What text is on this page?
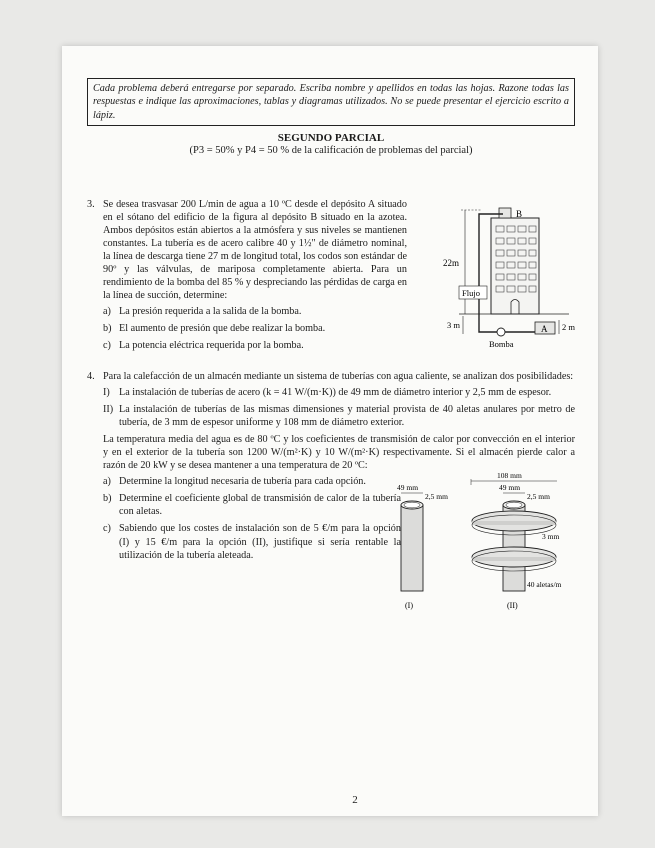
Cada problema deberá entregarse por separado. Escriba nombre y apellidos en todas las hojas. Razone todas las respuestas e indique las aproximaciones, tablas y diagramas utilizados. No se puede presentar el ejercicio escrito a lápiz.
SEGUNDO PARCIAL
(P3 = 50% y P4 = 50 % de la calificación de problemas del parcial)
3. Se desea trasvasar 200 L/min de agua a 10 ºC desde el depósito A situado en el sótano del edificio de la figura al depósito B situado en la azotea. Ambos depósitos están abiertos a la atmósfera y sus niveles se mantienen constantes. La tubería es de acero calibre 40 y 1½" de diámetro nominal, la línea de descarga tiene 27 m de longitud total, los codos son estándar de 90º y las válvulas, de mariposa completamente abierta. Para un rendimiento de la bomba del 85 % y despreciando las pérdidas de carga en la línea de succión, determine:
a) La presión requerida a la salida de la bomba.
b) El aumento de presión que debe realizar la bomba.
c) La potencia eléctrica requerida por la bomba.
B
A
22m
Flujo
3 m	2 m
Bomba
4. Para la calefacción de un almacén mediante un sistema de tuberías con agua caliente, se analizan dos posibilidades:
I) La instalación de tuberías de acero (k = 41 W/(m·K)) de 49 mm de diámetro interior y 2,5 mm de espesor.
II) La instalación de tuberías de las mismas dimensiones y material provista de 40 aletas anulares por metro de tubería, de 3 mm de espesor uniforme y 108 mm de diámetro exterior.
La temperatura media del agua es de 80 ºC y los coeficientes de transmisión de calor por convección en el interior y en el exterior de la tubería son 1200 W/(m²·K) y 10 W/(m²·K) respectivamente. Si el almacén pierde calor a razón de 20 kW y se desea mantener a una temperatura de 20 ºC:
a) Determine la longitud necesaria de tubería para cada opción.
b) Determine el coeficiente global de transmisión de calor de la tubería con aletas.
c) Sabiendo que los costes de instalación son de 5 €/m para la opción (I) y 15 €/m para la opción (II), justifique si sería rentable la utilización de la tubería aleteada.
49 mm
2,5 mm
(I)
108 mm
49 mm
2,5 mm
3 mm
40 aletas/m
(II)
2
